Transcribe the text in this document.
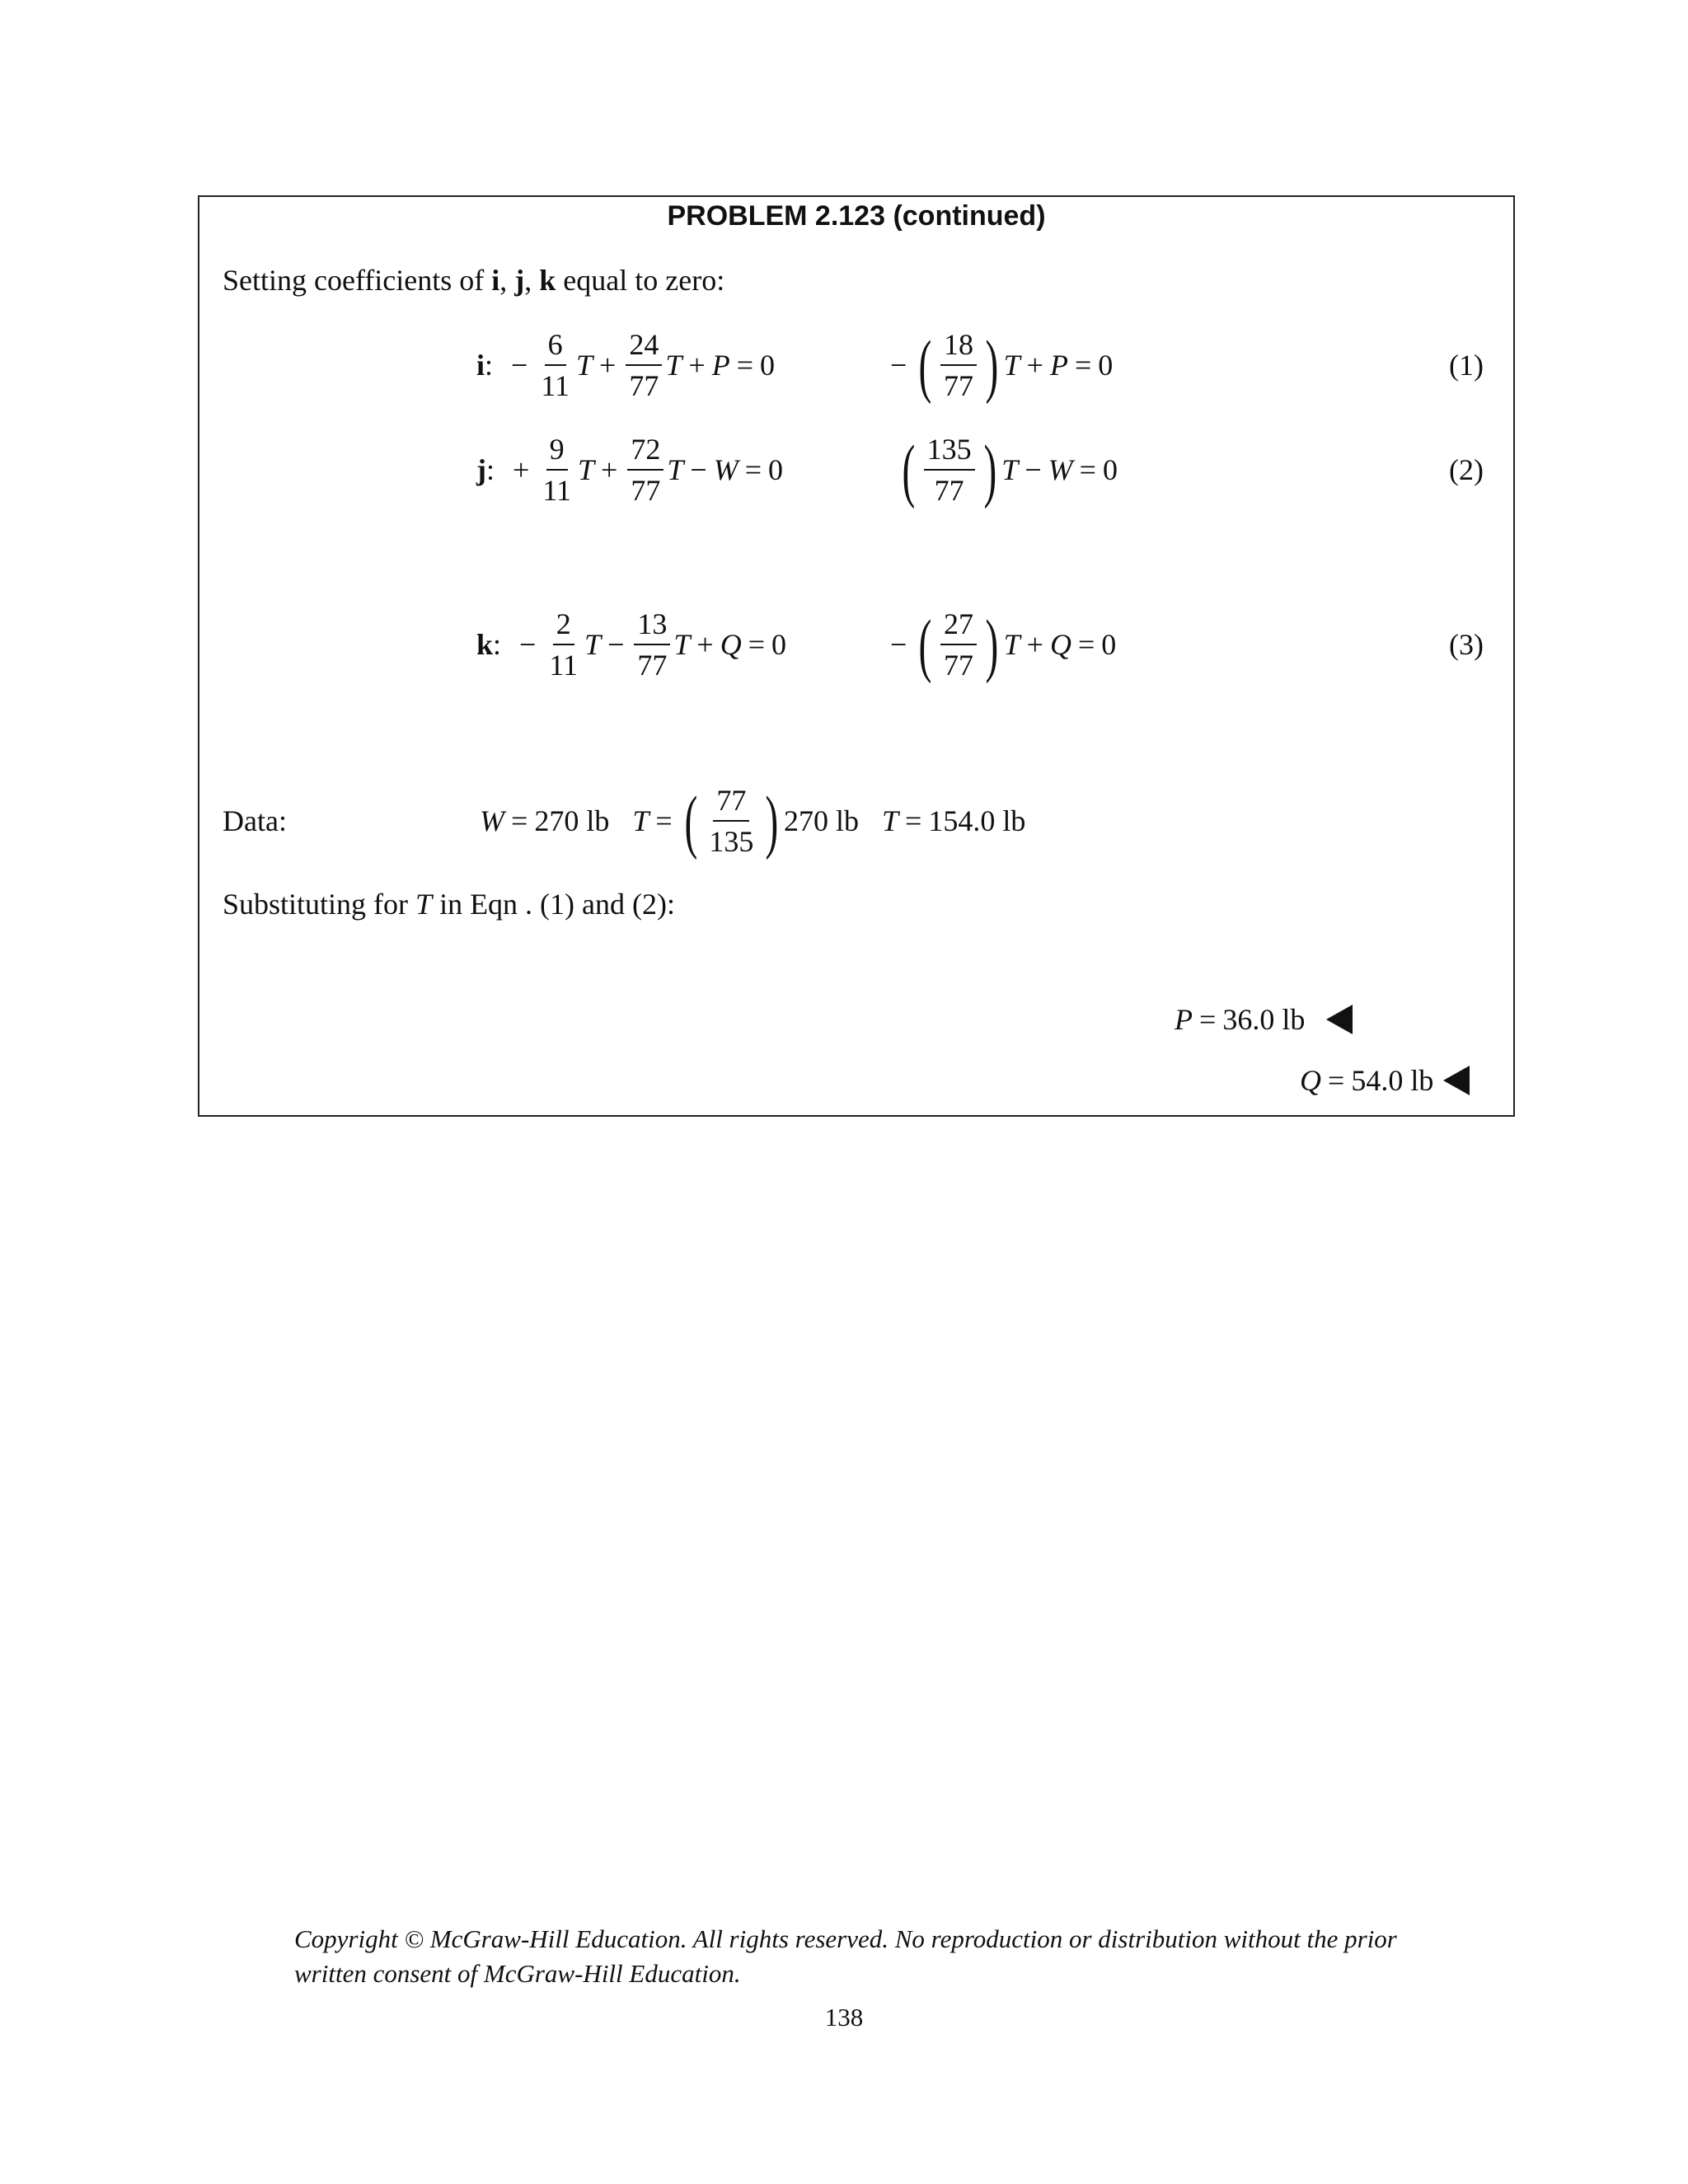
PROBLEM 2.123 (continued)
Setting coefficients of i, j, k equal to zero:
i : − $\frac{6}{11}$ $T + \frac{24}{77}$ T + P = 0	− ( $\frac{18}{77}$ ) T + P = 0	(1)
j : + $\frac{9}{11}$ $T + \frac{72}{77}$ T − W = 0 ( $\frac{135}{77}$ ) T − W = 0	(2)
k : − $\frac{2}{11}$ $T - \frac{13}{77}$ T + Q = 0	− ( $\frac{27}{77}$ ) T + Q = 0	(3)
Data:	W = 270 lb T = ( $\frac{77}{135}$ ) 270 lb T = 154.0 lb
Substituting for T in Eqn . (1) and (2):
P = 36.0 lb
Q = 54.0 lb
Copyright © McGraw-Hill Education. All rights reserved. No reproduction or distribution without the prior
written consent of McGraw-Hill Education.
138
